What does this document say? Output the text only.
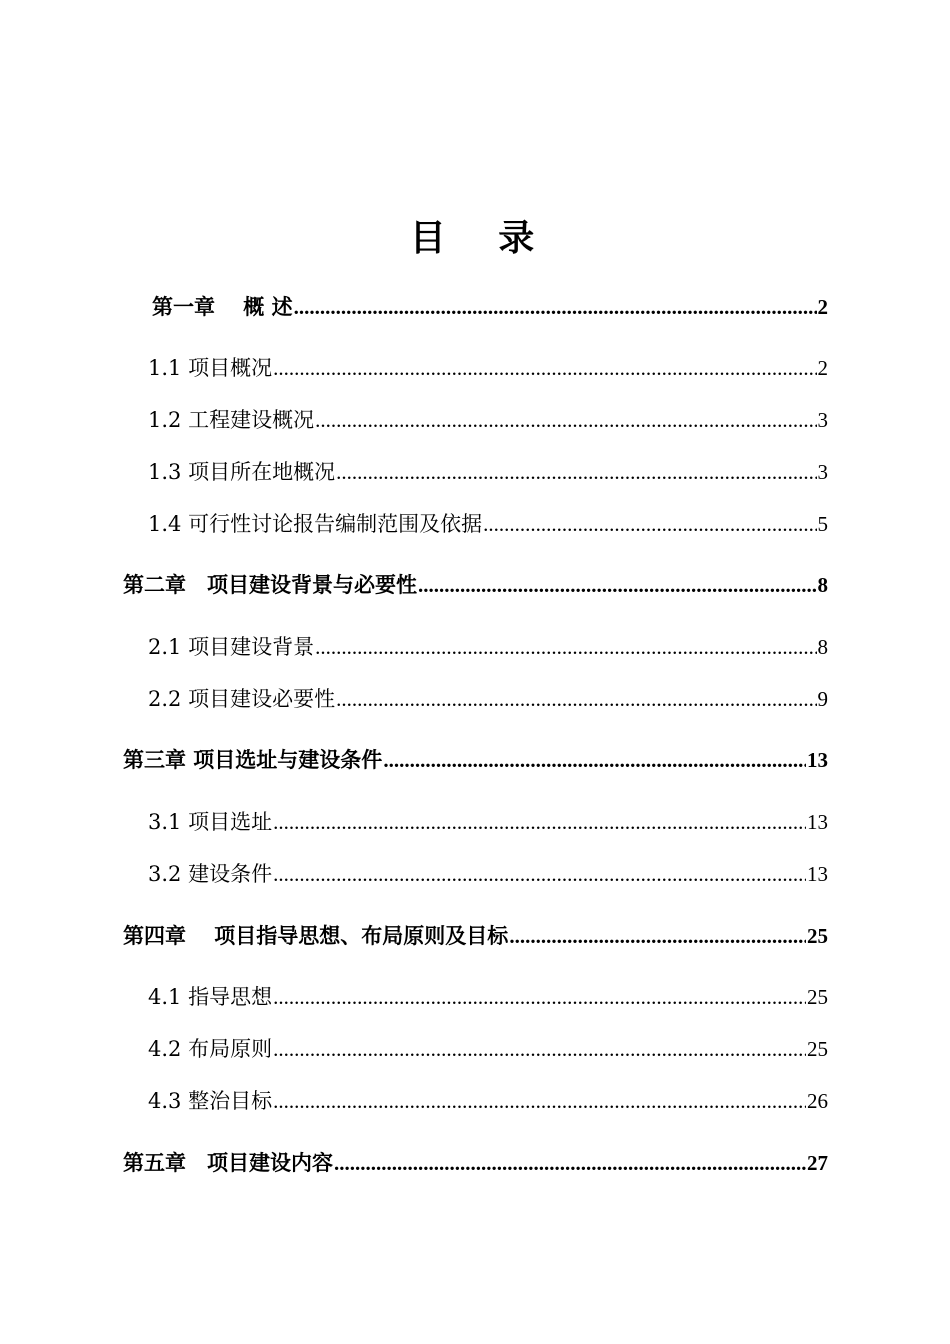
目 录
第一章　 概 述 .....	2
1.1 项目概况 .....	2
1.2 工程建设概况 .....	3
1.3 项目所在地概况 .....	3
1.4 可行性讨论报告编制范围及依据 .....	5
第二章　项目建设背景与必要性 .....	8
2.1 项目建设背景 .....	8
2.2 项目建设必要性 .....	9
第三章 项目选址与建设条件 .....	13
3.1 项目选址 .....	13
3.2 建设条件 .....	13
第四章　 项目指导思想、布局原则及目标 .....	25
4.1 指导思想 .....	25
4.2 布局原则 .....	25
4.3 整治目标 .....	26
第五章　项目建设内容 .....	27
